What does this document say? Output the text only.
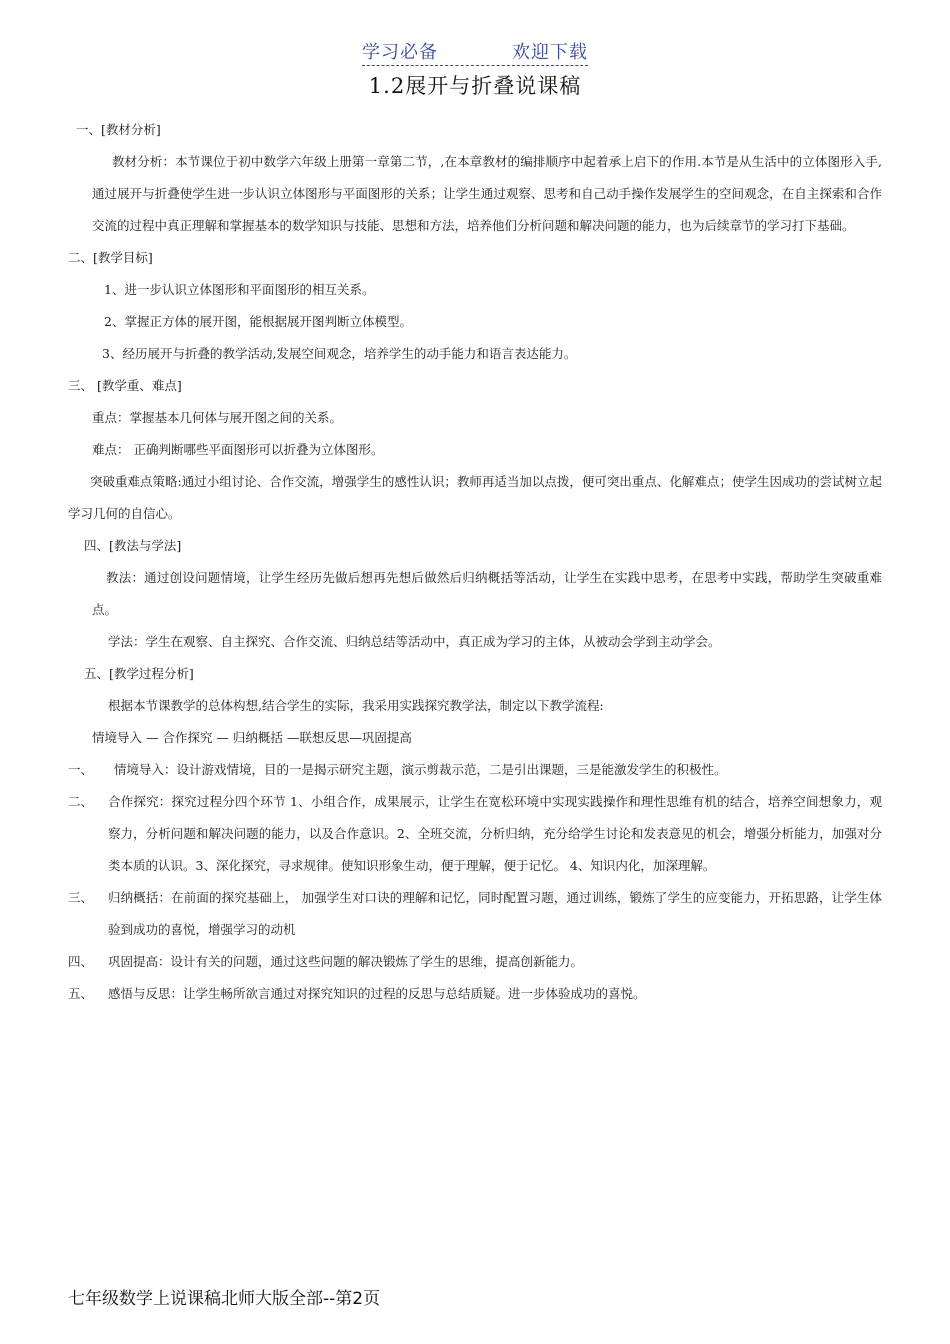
学习必备	欢迎下载
1.2展开与折叠说课稿
一、[教材分析]
教材分析：本节课位于初中数学六年级上册第一章第二节，,在本章教材的编排顺序中起着承上启下的作用.本节是从生活中的立体图形入手,通过展开与折叠使学生进一步认识立体图形与平面图形的关系；让学生通过观察、思考和自己动手操作发展学生的空间观念，在自主探索和合作交流的过程中真正理解和掌握基本的数学知识与技能、思想和方法，培养他们分析问题和解决问题的能力，也为后续章节的学习打下基础。
二、[教学目标]
1、进一步认识立体图形和平面图形的相互关系。
2、掌握正方体的展开图，能根据展开图判断立体模型。
3、经历展开与折叠的教学活动,发展空间观念，培养学生的动手能力和语言表达能力。
三、 [教学重、难点]
重点：掌握基本几何体与展开图之间的关系。
难点： 正确判断哪些平面图形可以折叠为立体图形。
突破重难点策略:通过小组讨论、合作交流，增强学生的感性认识；教师再适当加以点拨，便可突出重点、化解难点；使学生因成功的尝试树立起学习几何的自信心。
四、[教法与学法]
教法：通过创设问题情境，让学生经历先做后想再先想后做然后归纳概括等活动，让学生在实践中思考，在思考中实践，帮助学生突破重难点。
学法：学生在观察、自主探究、合作交流、归纳总结等活动中，真正成为学习的主体，从被动会学到主动学会。
五、[教学过程分析]
根据本节课教学的总体构想,结合学生的实际，我采用实践探究教学法，制定以下教学流程:
情境导入 — 合作探究 — 归纳概括 —联想反思—巩固提高
一、	情境导入：设计游戏情境，目的一是揭示研究主题，演示剪裁示范，二是引出课题，三是能激发学生的积极性。
二、	合作探究：探究过程分四个环节 1、小组合作，成果展示，让学生在宽松环境中实现实践操作和理性思维有机的结合，培养空间想象力，观察力，分析问题和解决问题的能力，以及合作意识。2、全班交流，分析归纳，充分给学生讨论和发表意见的机会，增强分析能力，加强对分类本质的认识。3、深化探究，寻求规律。使知识形象生动，便于理解，便于记忆。 4、知识内化，加深理解。
三、	归纳概括：在前面的探究基础上， 加强学生对口诀的理解和记忆，同时配置习题，通过训练，锻炼了学生的应变能力，开拓思路，让学生体验到成功的喜悦，增强学习的动机
四、	巩固提高：设计有关的问题，通过这些问题的解决锻炼了学生的思维，提高创新能力。
五、	感悟与反思：让学生畅所欲言通过对探究知识的过程的反思与总结质疑。进一步体验成功的喜悦。
七年级数学上说课稿北师大版全部--第2页
